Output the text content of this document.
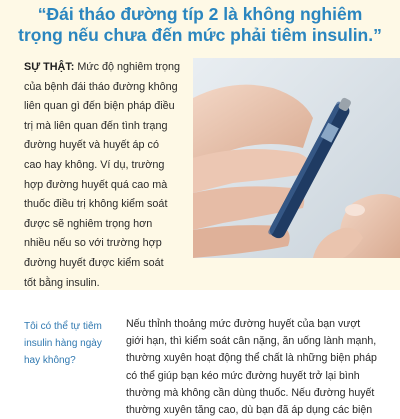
“Đái tháo đường típ 2 là không nghiêm
trọng nếu chưa đến mức phải tiêm insulin.”
SỰ THẬT: Mức độ nghiêm trọng
của bệnh đái tháo đường không
liên quan gì đến biện pháp điều
trị mà liên quan đến tình trạng
đường huyết và huyết áp có
cao hay không. Ví dụ, trường
hợp đường huyết quá cao mà
thuốc điều trị không kiểm soát
được sẽ nghiêm trọng hơn
nhiều nếu so với trường hợp
đường huyết được kiểm soát
tốt bằng insulin.
Tôi có thể tự tiêm
insulin hàng ngày
hay không?
Nếu thỉnh thoảng mức đường huyết của bạn vượt
giới hạn, thì kiểm soát cân nặng, ăn uống lành mạnh,
thường xuyên hoạt động thể chất là những biện pháp
có thể giúp bạn kéo mức đường huyết trở lại bình
thường mà không cần dùng thuốc. Nếu đường huyết
thường xuyên tăng cao, dù bạn đã áp dụng các biện
